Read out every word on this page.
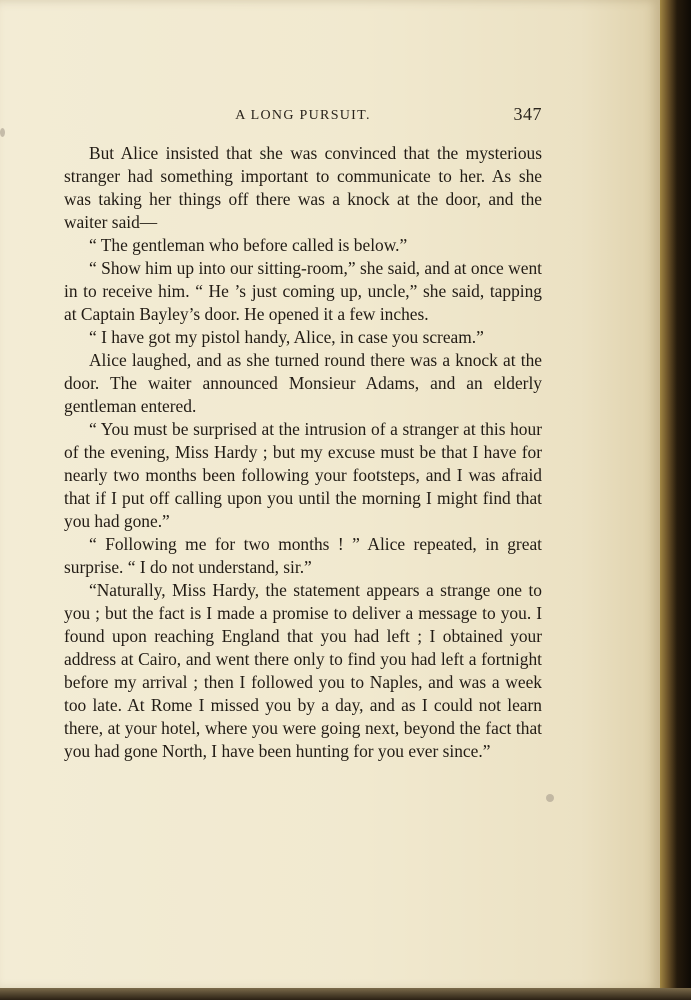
A LONG PURSUIT.	347

But Alice insisted that she was convinced that the mysterious stranger had something important to communicate to her. As she was taking her things off there was a knock at the door, and the waiter said—

“ The gentleman who before called is below.”

“ Show him up into our sitting-room,” she said, and at once went in to receive him. “ He ’s just coming up, uncle,” she said, tapping at Captain Bayley’s door. He opened it a few inches.

“ I have got my pistol handy, Alice, in case you scream.”

Alice laughed, and as she turned round there was a knock at the door. The waiter announced Monsieur Adams, and an elderly gentleman entered.

“ You must be surprised at the intrusion of a stranger at this hour of the evening, Miss Hardy ; but my excuse must be that I have for nearly two months been following your footsteps, and I was afraid that if I put off calling upon you until the morning I might find that you had gone.”

“ Following me for two months ! ” Alice repeated, in great surprise. “ I do not understand, sir.”

“Naturally, Miss Hardy, the statement appears a strange one to you ; but the fact is I made a promise to deliver a message to you. I found upon reaching England that you had left ; I obtained your address at Cairo, and went there only to find you had left a fortnight before my arrival ; then I followed you to Naples, and was a week too late. At Rome I missed you by a day, and as I could not learn there, at your hotel, where you were going next, beyond the fact that you had gone North, I have been hunting for you ever since.”
